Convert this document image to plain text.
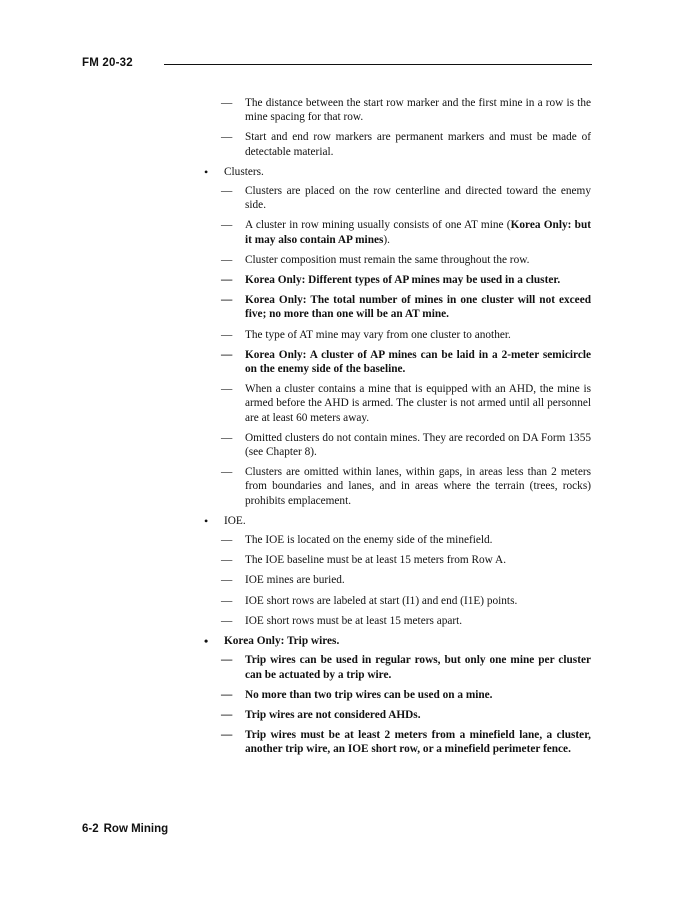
FM 20-32
— The distance between the start row marker and the first mine in a row is the mine spacing for that row.
— Start and end row markers are permanent markers and must be made of detectable material.
• Clusters.
— Clusters are placed on the row centerline and directed toward the enemy side.
— A cluster in row mining usually consists of one AT mine (Korea Only: but it may also contain AP mines).
— Cluster composition must remain the same throughout the row.
— Korea Only: Different types of AP mines may be used in a cluster.
— Korea Only: The total number of mines in one cluster will not exceed five; no more than one will be an AT mine.
— The type of AT mine may vary from one cluster to another.
— Korea Only: A cluster of AP mines can be laid in a 2-meter semicircle on the enemy side of the baseline.
— When a cluster contains a mine that is equipped with an AHD, the mine is armed before the AHD is armed. The cluster is not armed until all personnel are at least 60 meters away.
— Omitted clusters do not contain mines. They are recorded on DA Form 1355 (see Chapter 8).
— Clusters are omitted within lanes, within gaps, in areas less than 2 meters from boundaries and lanes, and in areas where the terrain (trees, rocks) prohibits emplacement.
• IOE.
— The IOE is located on the enemy side of the minefield.
— The IOE baseline must be at least 15 meters from Row A.
— IOE mines are buried.
— IOE short rows are labeled at start (I1) and end (I1E) points.
— IOE short rows must be at least 15 meters apart.
• Korea Only: Trip wires.
— Trip wires can be used in regular rows, but only one mine per cluster can be actuated by a trip wire.
— No more than two trip wires can be used on a mine.
— Trip wires are not considered AHDs.
— Trip wires must be at least 2 meters from a minefield lane, a cluster, another trip wire, an IOE short row, or a minefield perimeter fence.
6-2 Row Mining
